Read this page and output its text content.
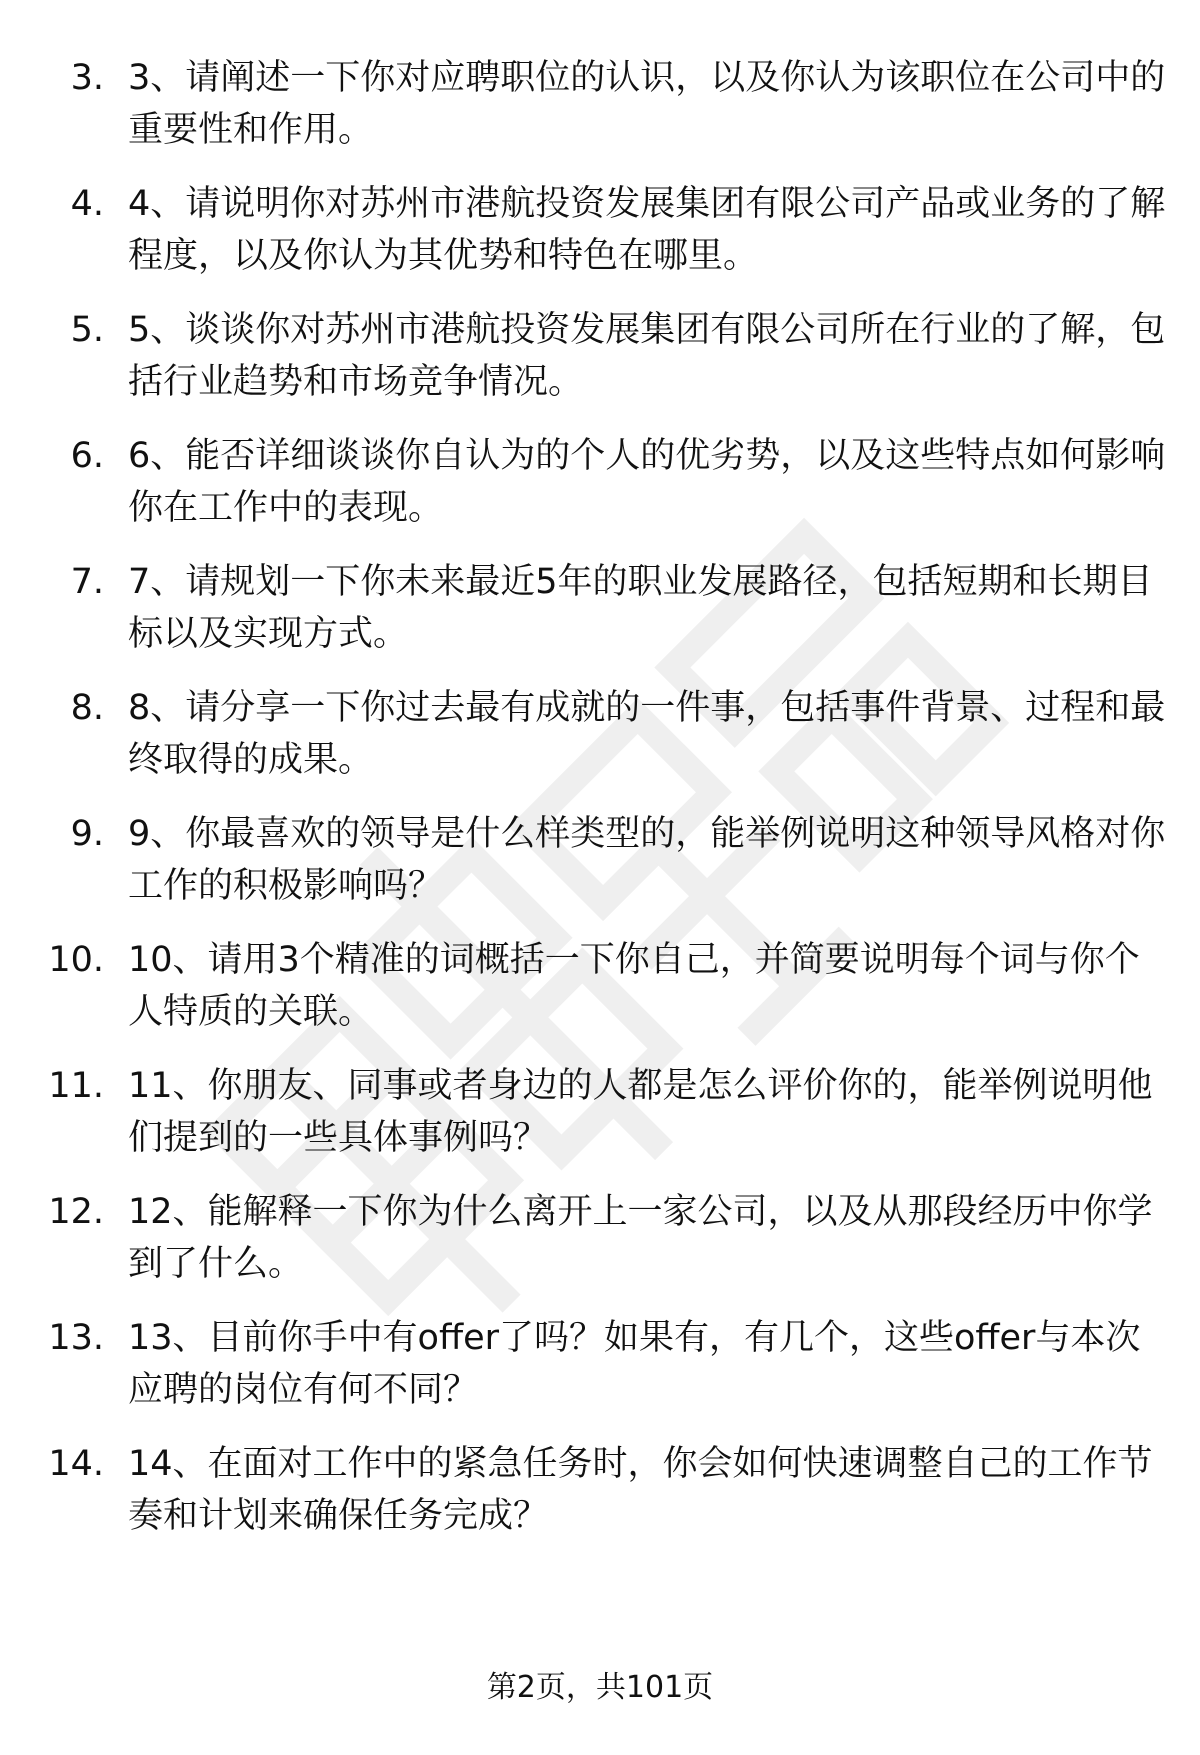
3. 3、请阐述一下你对应聘职位的认识，以及你认为该职位在公司中的重要性和作用。
4. 4、请说明你对苏州市港航投资发展集团有限公司产品或业务的了解程度，以及你认为其优势和特色在哪里。
5. 5、谈谈你对苏州市港航投资发展集团有限公司所在行业的了解，包括行业趋势和市场竞争情况。
6. 6、能否详细谈谈你自认为的个人的优劣势，以及这些特点如何影响你在工作中的表现。
7. 7、请规划一下你未来最近5年的职业发展路径，包括短期和长期目标以及实现方式。
8. 8、请分享一下你过去最有成就的一件事，包括事件背景、过程和最终取得的成果。
9. 9、你最喜欢的领导是什么样类型的，能举例说明这种领导风格对你工作的积极影响吗？
10. 10、请用3个精准的词概括一下你自己，并简要说明每个词与你个人特质的关联。
11. 11、你朋友、同事或者身边的人都是怎么评价你的，能举例说明他们提到的一些具体事例吗？
12. 12、能解释一下你为什么离开上一家公司，以及从那段经历中你学到了什么。
13. 13、目前你手中有offer了吗？如果有，有几个，这些offer与本次应聘的岗位有何不同？
14. 14、在面对工作中的紧急任务时，你会如何快速调整自己的工作节奏和计划来确保任务完成？
第2页，共101页
